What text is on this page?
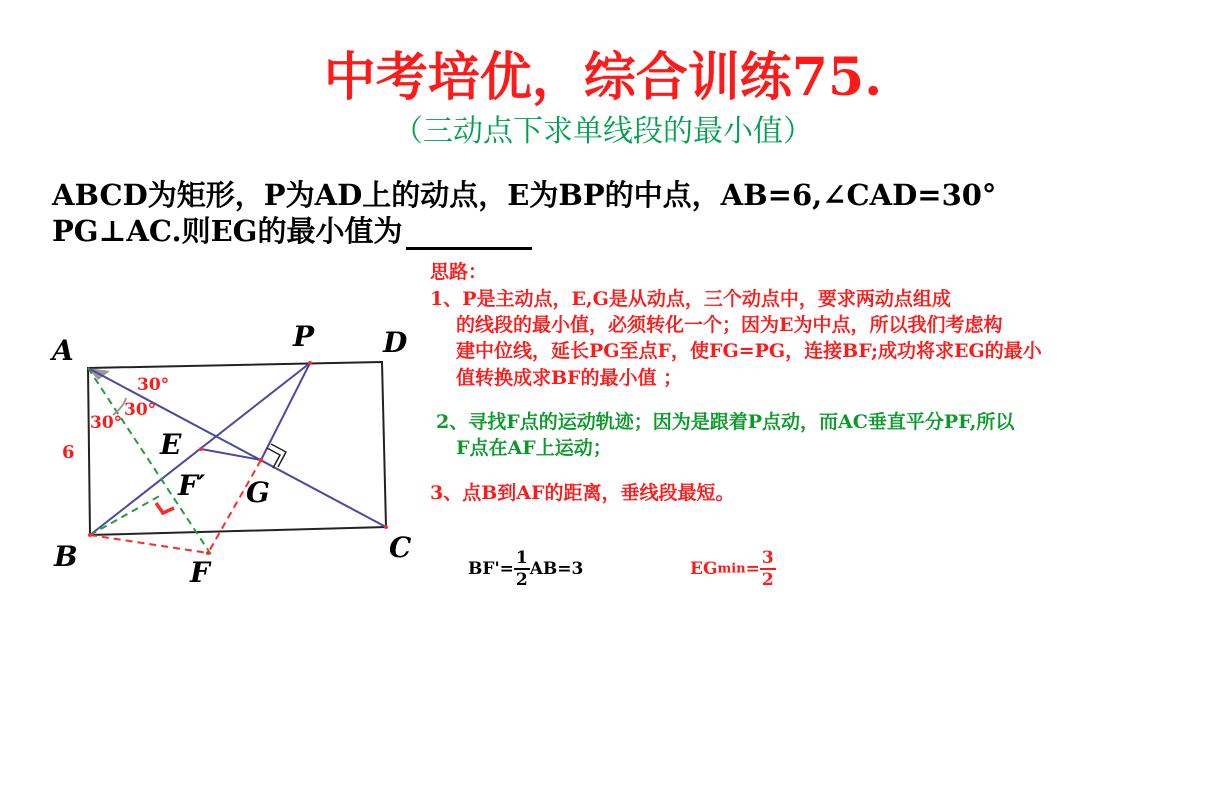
中考培优，综合训练75.
（三动点下求单线段的最小值）
ABCD为矩形，P为AD上的动点，E为BP的中点，AB=6,∠CAD=30°
PG⊥AC.则EG的最小值为
思路：
1、P是主动点，E,G是从动点，三个动点中，要求两动点组成
的线段的最小值，必须转化一个；因为E为中点，所以我们考虑构
建中位线，延长PG至点F，使FG=PG，连接BF;成功将求EG的最小
值转换成求BF的最小值 ；
2、寻找F点的运动轨迹；因为是跟着P点动，而AC垂直平分PF,所以
F点在AF上运动；
3、点B到AF的距离，垂线段最短。
$BF'= \frac{1}{2} AB=3$	$EGmin= \frac{3}{2}$
A	P D
E
F′ G
B	C
F
30°
30°
30°
6
